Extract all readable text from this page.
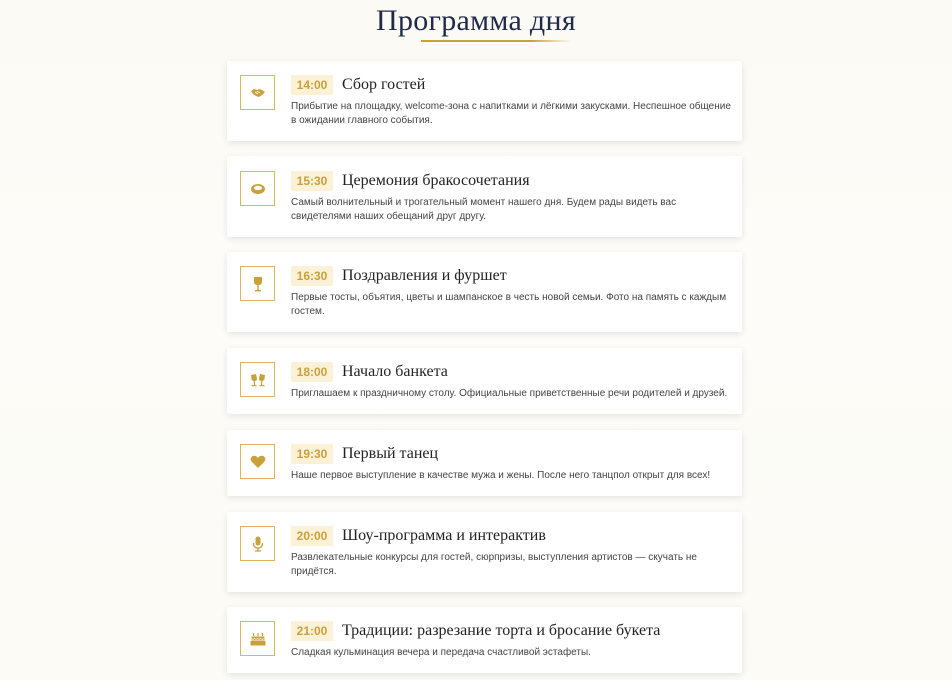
Программа дня
14:00 Сбор гостей
Прибытие на площадку, welcome-зона с напитками и лёгкими закусками. Неспешное общение в ожидании главного события.
15:30 Церемония бракосочетания
Самый волнительный и трогательный момент нашего дня. Будем рады видеть вас свидетелями наших обещаний друг другу.
16:30 Поздравления и фуршет
Первые тосты, объятия, цветы и шампанское в честь новой семьи. Фото на память с каждым гостем.
18:00 Начало банкета
Приглашаем к праздничному столу. Официальные приветственные речи родителей и друзей.
19:30 Первый танец
Наше первое выступление в качестве мужа и жены. После него танцпол открыт для всех!
20:00 Шоу-программа и интерактив
Развлекательные конкурсы для гостей, сюрпризы, выступления артистов — скучать не придётся.
21:00 Традиции: разрезание торта и бросание букета
Сладкая кульминация вечера и передача счастливой эстафеты.
